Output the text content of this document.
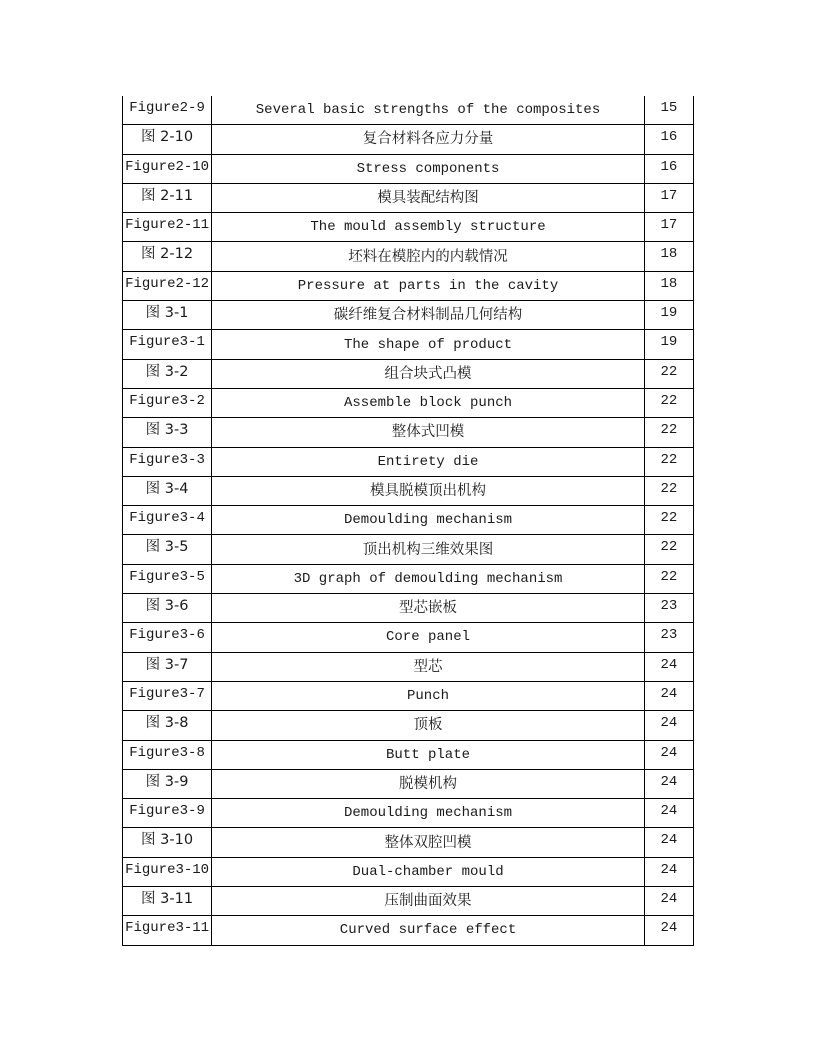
Figure2-9	Several basic strengths of the composites	15
图 2-10	复合材料各应力分量	16
Figure2-10	Stress components	16
图 2-11	模具装配结构图	17
Figure2-11	The mould assembly structure	17
图 2-12	坯料在模腔内的内载情况	18
Figure2-12	Pressure at parts in the cavity	18
图 3-1	碳纤维复合材料制品几何结构	19
Figure3-1	The shape of product	19
图 3-2	组合块式凸模	22
Figure3-2	Assemble block punch	22
图 3-3	整体式凹模	22
Figure3-3	Entirety die	22
图 3-4	模具脱模顶出机构	22
Figure3-4	Demoulding mechanism	22
图 3-5	顶出机构三维效果图	22
Figure3-5	3D graph of demoulding mechanism	22
图 3-6	型芯嵌板	23
Figure3-6	Core panel	23
图 3-7	型芯	24
Figure3-7	Punch	24
图 3-8	顶板	24
Figure3-8	Butt plate	24
图 3-9	脱模机构	24
Figure3-9	Demoulding mechanism	24
图 3-10	整体双腔凹模	24
Figure3-10	Dual-chamber mould	24
图 3-11	压制曲面效果	24
Figure3-11	Curved surface effect	24
